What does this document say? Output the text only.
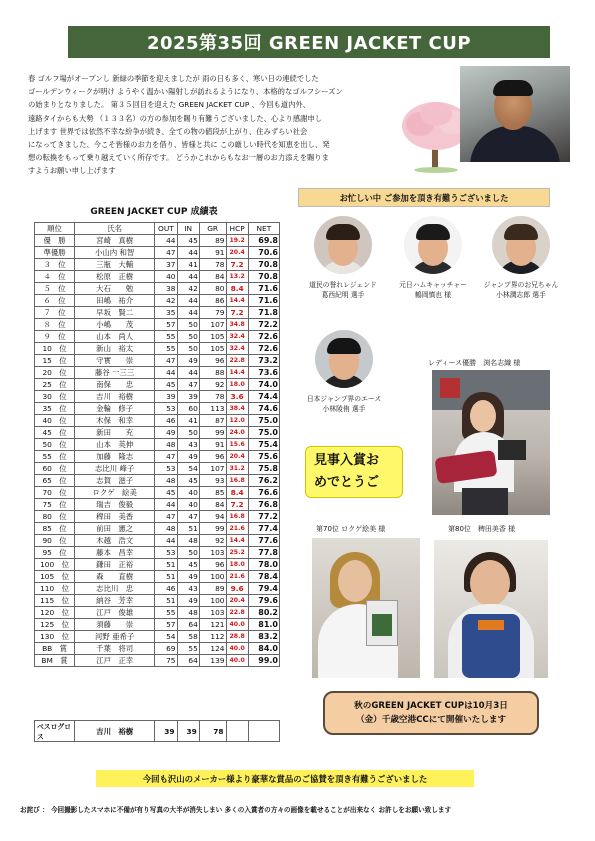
2025第35回 GREEN JACKET CUP
春 ゴルフ場がオープンし 新緑の季節を迎えましたが 雨の日も多く、寒い日の連続でした
ゴールデンウィークが明け ようやく温かい陽射しが訪れるようになり、本格的なゴルフシーズン
の始まりとなりました。 第３５回目を迎えた GREEN JACKET CUP 、今回も道内外、
遠路タイからも大勢 （１３３名）の方の参加を賜り有難うございました、心より感謝申し
上げます 世界では依然不幸な紛争が続き、全ての物の値段が上がり、住みずらい社会
になってきました、今こそ皆様のお力を借り、皆様と共に この厳しい時代を知恵を出し、発
想の転換をもって乗り越えていく所存です。 どうかこれからもなお一層のお力添えを賜りま
すようお願い申し上げます
GREEN JACKET CUP 成績表
順位	氏名	OUT	IN	GR	HCP	NET
優　勝	宮崎　真樹	44	45	89	19.2	69.8
準優勝	小山内 和智	47	44	91	20.4	70.6
３　位	三瓶　大輔	37	41	78	7.2	70.8
４　位	松原　正樹	40	44	84	13.2	70.8
５　位	大石　　勉	38	42	80	8.4	71.6
６　位	田嶋　祐介	42	44	86	14.4	71.6
７　位	早坂　賢二	35	44	79	7.2	71.8
８　位	小嶋　　茂	57	50	107	34.8	72.2
９　位	山本　尚人	55	50	105	32.4	72.6
10　位	新山　裕太	55	50	105	32.4	72.6
15　位	守實　　崇	47	49	96	22.8	73.2
20　位	藤谷 一三三	44	44	88	14.4	73.6
25　位	南保　　忠	45	47	92	18.0	74.0
30　位	吉川　裕樹	39	39	78	3.6	74.4
35　位	金輪　修子	53	60	113	38.4	74.6
40　位	木保　和幸	46	41	87	12.0	75.0
45　位	新田　　充	49	50	99	24.0	75.0
50　位	山本　英伸	48	43	91	15.6	75.4
55　位	加藤　隆志	47	49	96	20.4	75.6
60　位	志比川 峰子	53	54	107	31.2	75.8
65　位	志賀　滋子	48	45	93	16.8	76.2
70　位	ロクゲ　絵美	45	40	85	8.4	76.6
75　位	瑞吉　俊毅	44	40	84	7.2	76.8
80　位	稗田　美香	47	47	94	16.8	77.2
85　位	前田　憲之	48	51	99	21.6	77.4
90　位	木越　浩文	44	48	92	14.4	77.6
95　位	藤本　昌幸	53	50	103	25.2	77.8
100　位	鎌田　正裕	51	45	96	18.0	78.0
105　位	森　　直樹	51	49	100	21.6	78.4
110　位	志比川　忠	46	43	89	9.6	79.4
115　位	納谷　芳幸	51	49	100	20.4	79.6
120　位	江戸　俊雄	55	48	103	22.8	80.2
125　位	須藤　　崇	57	64	121	40.0	81.0
130　位	河野 亜希子	54	58	112	28.8	83.2
BB　賞	千葉　将司	69	55	124	40.0	84.0
BM　賞	江戸　正幸	75	64	139	40.0	99.0
ベスログロス	吉川　裕樹	39	39	78		
お忙しい中 ご参加を頂き有難うございました
道民の誉れレジェンド
葛西紀明 選手
元日ハムキャッチャー
鶴岡慎也 様
ジャンプ界のお兄ちゃん
小林潤志郎 選手
日本ジャンプ界のエース
小林陵侑 選手
レディース優勝　渕名志織 様
見事入賞お
めでとうご
第70位 ロクゲ絵美 様	第80位　稗田美香 様
秋のGREEN JACKET CUPは10月3日
（金）千歳空港CCにて開催いたします
今回も沢山のメーカー様より豪華な賞品のご協賛を頂き有難うございました
お詫び ： 今回撮影したスマホに不備が有り写真の大半が消失しまい 多くの入賞者の方々の画像を載せることが出来なく お許しをお願い致します
